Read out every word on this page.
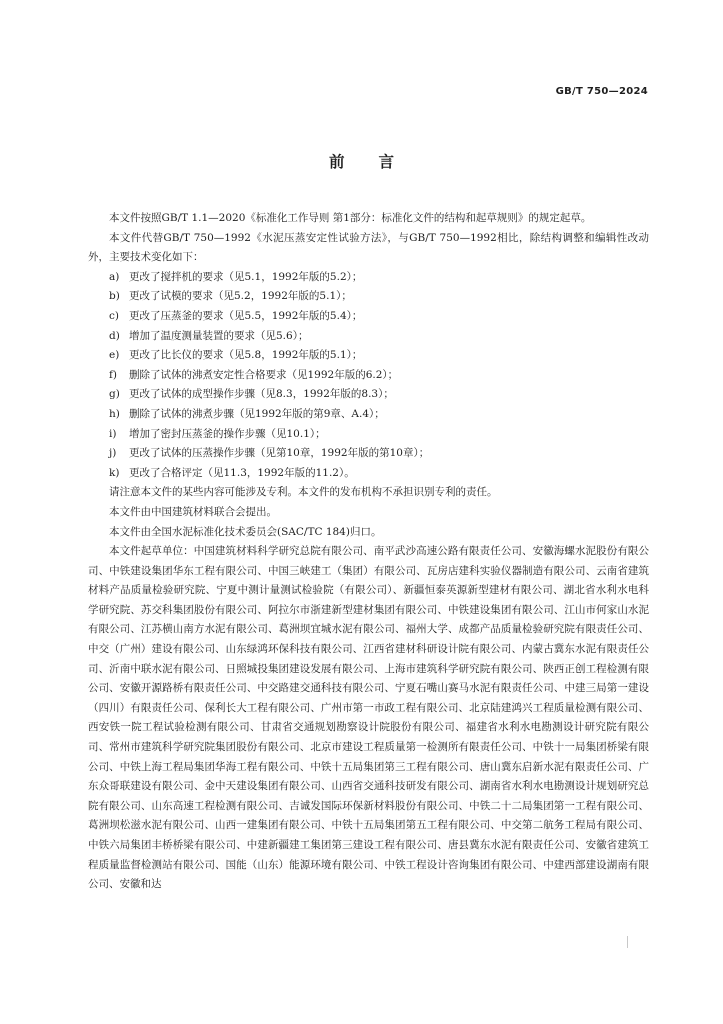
GB/T 750—2024
前言

本文件按照GB/T 1.1—2020《标准化工作导则 第1部分：标准化文件的结构和起草规则》的规定起草。

本文件代替GB/T 750—1992《水泥压蒸安定性试验方法》，与GB/T 750—1992相比，除结构调整和编辑性改动外，主要技术变化如下：

a) 更改了搅拌机的要求（见5.1，1992年版的5.2）；
b) 更改了试模的要求（见5.2，1992年版的5.1）；
c) 更改了压蒸釜的要求（见5.5，1992年版的5.4）；
d) 增加了温度测量装置的要求（见5.6）；
e) 更改了比长仪的要求（见5.8，1992年版的5.1）；
f)	删除了试体的沸煮安定性合格要求（见1992年版的6.2）；
g) 更改了试体的成型操作步骤（见8.3，1992年版的8.3）；
h) 删除了试体的沸煮步骤（见1992年版的第9章、A.4）；
i)	增加了密封压蒸釜的操作步骤（见10.1）；
j)	更改了试体的压蒸操作步骤（见第10章，1992年版的第10章）；
k) 更改了合格评定（见11.3，1992年版的11.2）。

请注意本文件的某些内容可能涉及专利。本文件的发布机构不承担识别专利的责任。

本文件由中国建筑材料联合会提出。

本文件由全国水泥标准化技术委员会(SAC/TC 184)归口。

本文件起草单位：中国建筑材料科学研究总院有限公司、南平武沙高速公路有限责任公司、安徽海螺水泥股份有限公司、中铁建设集团华东工程有限公司、中国三峡建工（集团）有限公司、瓦房店建科实验仪器制造有限公司、云南省建筑材料产品质量检验研究院、宁夏中测计量测试检验院（有限公司）、新疆恒泰英源新型建材有限公司、湖北省水利水电科学研究院、苏交科集团股份有限公司、阿拉尔市浙建新型建材集团有限公司、中铁建设集团有限公司、江山市何家山水泥有限公司、江苏横山南方水泥有限公司、葛洲坝宜城水泥有限公司、福州大学、成都产品质量检验研究院有限责任公司、中交（广州）建设有限公司、山东绿鸿环保科技有限公司、江西省建材科研设计院有限公司、内蒙古冀东水泥有限责任公司、沂南中联水泥有限公司、日照城投集团建设发展有限公司、上海市建筑科学研究院有限公司、陕西正创工程检测有限公司、安徽开源路桥有限责任公司、中交路建交通科技有限公司、宁夏石嘴山赛马水泥有限责任公司、中建三局第一建设（四川）有限责任公司、保利长大工程有限公司、广州市第一市政工程有限公司、北京陆建鸿兴工程质量检测有限公司、西安铁一院工程试验检测有限公司、甘肃省交通规划勘察设计院股份有限公司、福建省水利水电勘测设计研究院有限公司、常州市建筑科学研究院集团股份有限公司、北京市建设工程质量第一检测所有限责任公司、中铁十一局集团桥梁有限公司、中铁上海工程局集团华海工程有限公司、中铁十五局集团第三工程有限公司、唐山冀东启新水泥有限责任公司、广东众哥联建设有限公司、金中天建设集团有限公司、山西省交通科技研发有限公司、湖南省水利水电勘测设计规划研究总院有限公司、山东高速工程检测有限公司、吉诚发国际环保新材料股份有限公司、中铁二十二局集团第一工程有限公司、葛洲坝松滋水泥有限公司、山西一建集团有限公司、中铁十五局集团第五工程有限公司、中交第二航务工程局有限公司、中铁六局集团丰桥桥梁有限公司、中建新疆建工集团第三建设工程有限公司、唐县冀东水泥有限责任公司、安徽省建筑工程质量监督检测站有限公司、国能（山东）能源环境有限公司、中铁工程设计咨询集团有限公司、中建西部建设湖南有限公司、安徽和达
